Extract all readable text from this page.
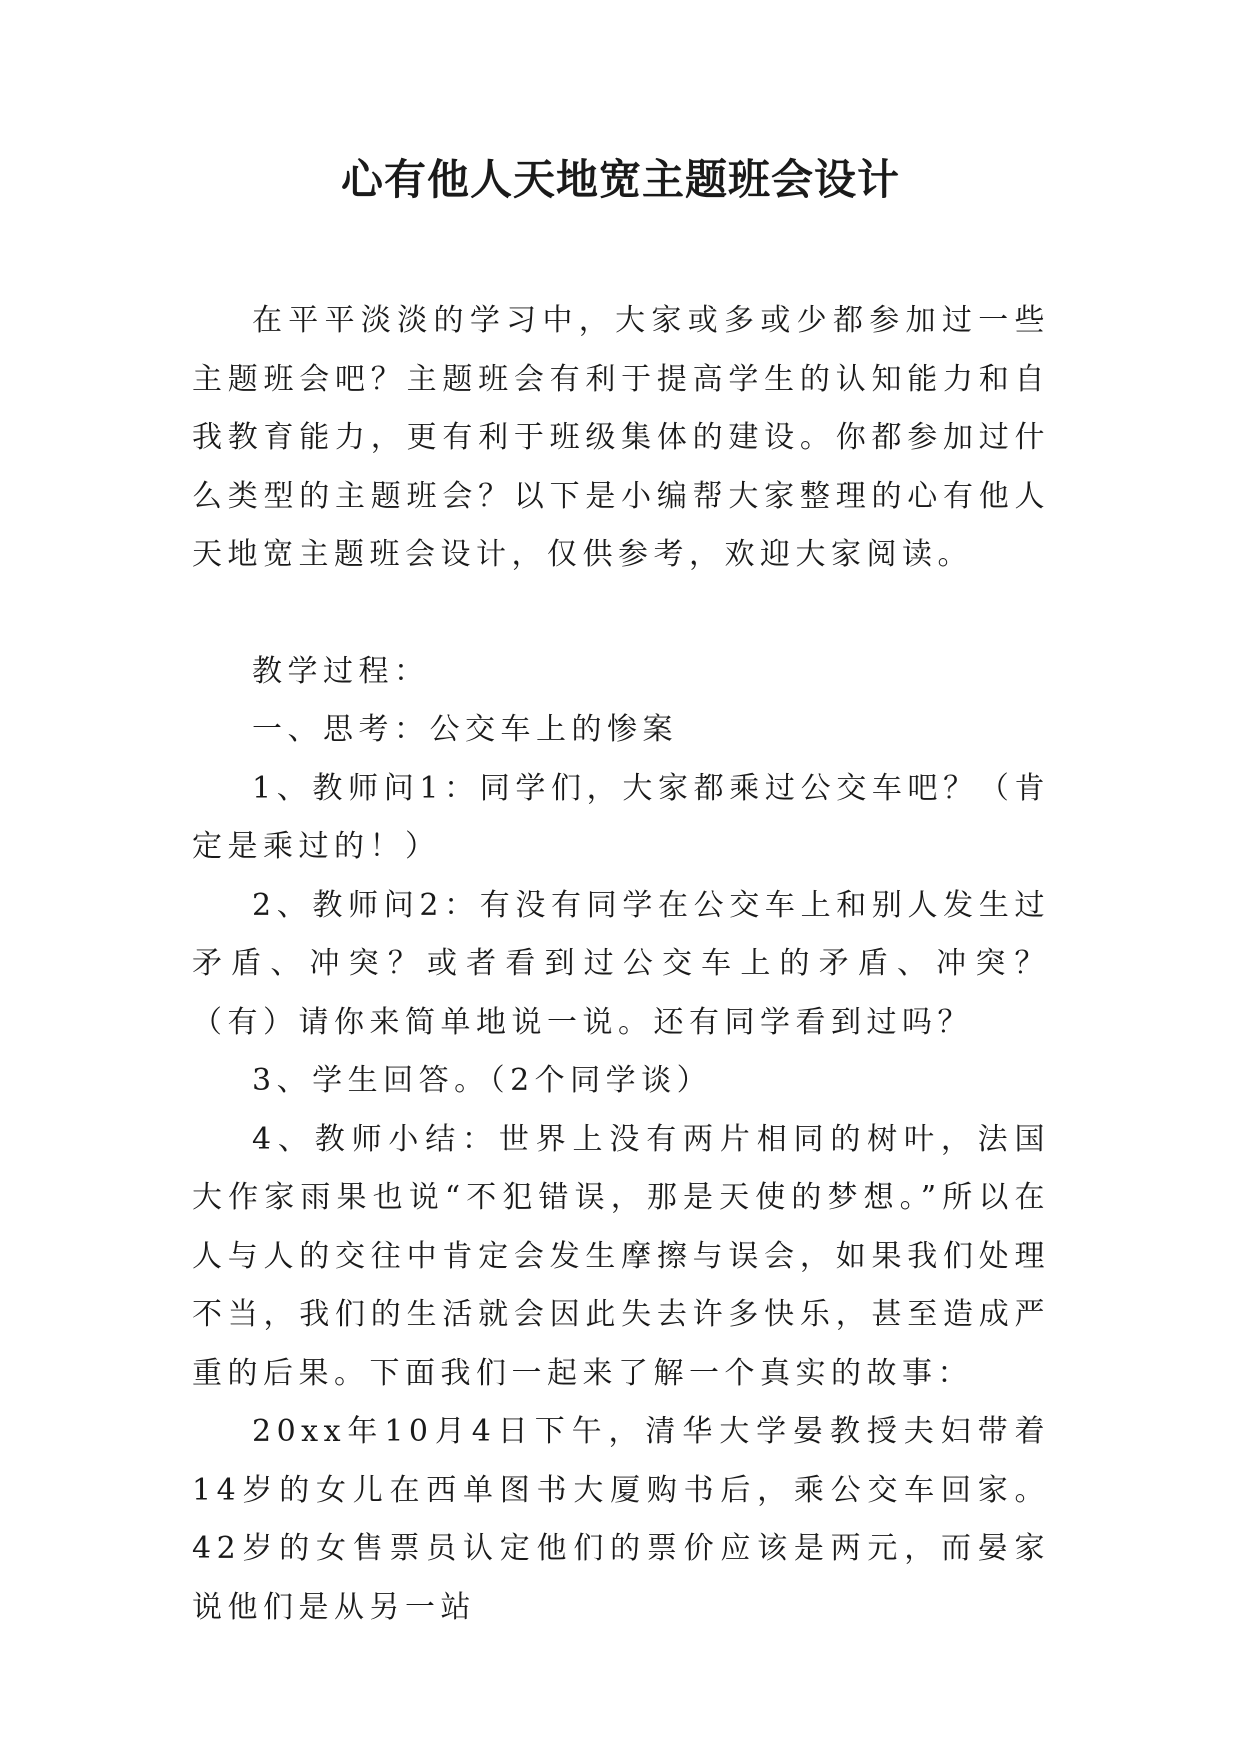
心有他人天地宽主题班会设计

在平平淡淡的学习中，大家或多或少都参加过一些主题班会吧？主题班会有利于提高学生的认知能力和自我教育能力，更有利于班级集体的建设。你都参加过什么类型的主题班会？以下是小编帮大家整理的心有他人天地宽主题班会设计，仅供参考，欢迎大家阅读。

教学过程：

一、思考：公交车上的惨案

1、教师问1：同学们，大家都乘过公交车吧？（肯定是乘过的！）

2、教师问2：有没有同学在公交车上和别人发生过矛盾、冲突？或者看到过公交车上的矛盾、冲突？（有）请你来简单地说一说。还有同学看到过吗？

3、学生回答。（2个同学谈）

4、教师小结：世界上没有两片相同的树叶，法国大作家雨果也说“不犯错误，那是天使的梦想。”所以在人与人的交往中肯定会发生摩擦与误会，如果我们处理不当，我们的生活就会因此失去许多快乐，甚至造成严重的后果。下面我们一起来了解一个真实的故事：

20xx年10月4日下午，清华大学晏教授夫妇带着14岁的女儿在西单图书大厦购书后，乘公交车回家。42岁的女售票员认定他们的票价应该是两元，而晏家说他们是从另一站
